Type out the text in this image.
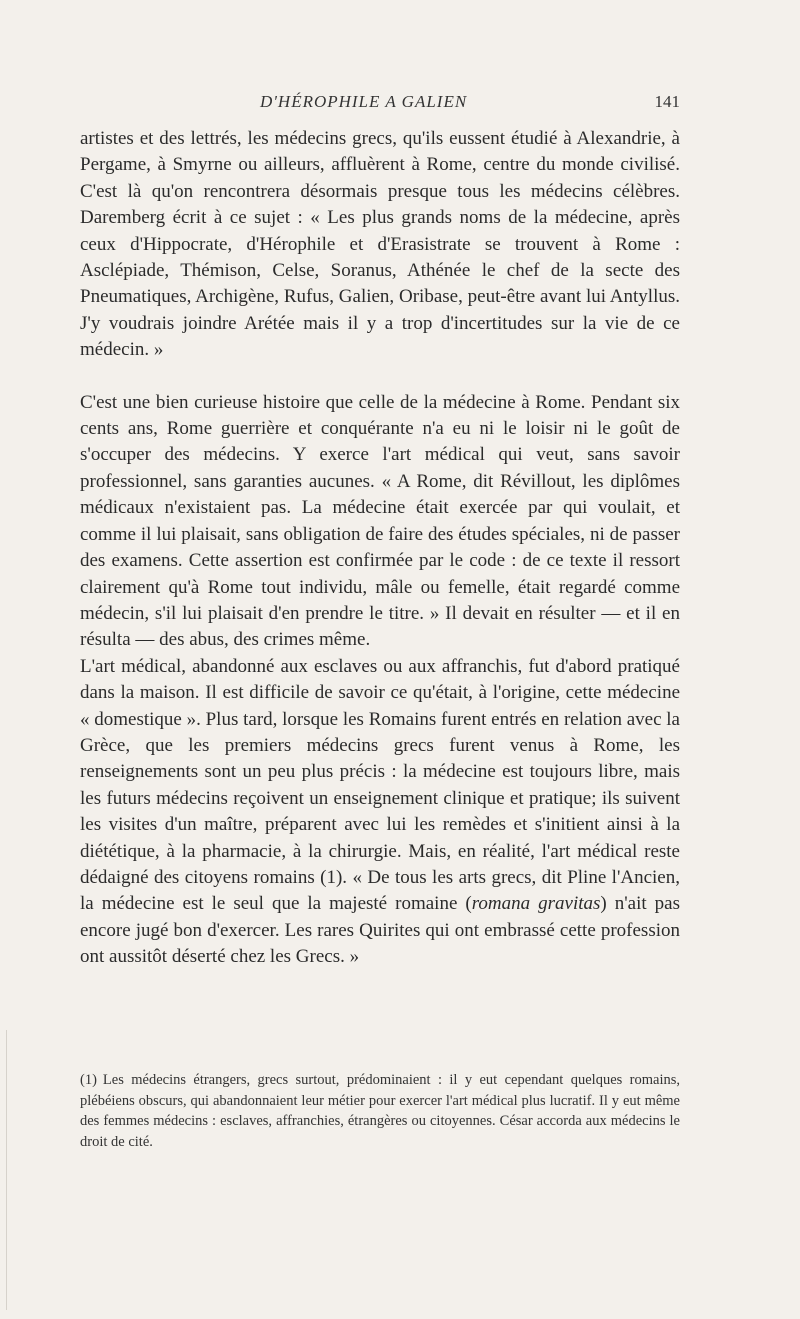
D'HÉROPHILE A GALIEN	141

artistes et des lettrés, les médecins grecs, qu'ils eussent étudié à Alexandrie, à Pergame, à Smyrne ou ailleurs, affluèrent à Rome, centre du monde civilisé. C'est là qu'on rencontrera désormais presque tous les médecins célèbres. Daremberg écrit à ce sujet : « Les plus grands noms de la médecine, après ceux d'Hippocrate, d'Hérophile et d'Erasistrate se trouvent à Rome : Asclépiade, Thémison, Celse, Soranus, Athénée le chef de la secte des Pneumatiques, Archigène, Rufus, Galien, Oribase, peut-être avant lui Antyllus. J'y voudrais joindre Arétée mais il y a trop d'incertitudes sur la vie de ce médecin. »

C'est une bien curieuse histoire que celle de la médecine à Rome. Pendant six cents ans, Rome guerrière et conquérante n'a eu ni le loisir ni le goût de s'occuper des médecins. Y exerce l'art médical qui veut, sans savoir professionnel, sans garanties aucunes. « A Rome, dit Révillout, les diplômes médicaux n'existaient pas. La médecine était exercée par qui voulait, et comme il lui plaisait, sans obligation de faire des études spéciales, ni de passer des examens. Cette assertion est confirmée par le code : de ce texte il ressort clairement qu'à Rome tout individu, mâle ou femelle, était regardé comme médecin, s'il lui plaisait d'en prendre le titre. » Il devait en résulter — et il en résulta — des abus, des crimes même.

L'art médical, abandonné aux esclaves ou aux affranchis, fut d'abord pratiqué dans la maison. Il est difficile de savoir ce qu'était, à l'origine, cette médecine « domestique ». Plus tard, lorsque les Romains furent entrés en relation avec la Grèce, que les premiers médecins grecs furent venus à Rome, les renseignements sont un peu plus précis : la médecine est toujours libre, mais les futurs médecins reçoivent un enseignement clinique et pratique; ils suivent les visites d'un maître, préparent avec lui les remèdes et s'initient ainsi à la diététique, à la pharmacie, à la chirurgie. Mais, en réalité, l'art médical reste dédaigné des citoyens romains (1). « De tous les arts grecs, dit Pline l'Ancien, la médecine est le seul que la majesté romaine (romana gravitas) n'ait pas encore jugé bon d'exercer. Les rares Quirites qui ont embrassé cette profession ont aussitôt déserté chez les Grecs. »

(1) Les médecins étrangers, grecs surtout, prédominaient : il y eut cependant quelques romains, plébéiens obscurs, qui abandonnaient leur métier pour exercer l'art médical plus lucratif. Il y eut même des femmes médecins : esclaves, affranchies, étrangères ou citoyennes. César accorda aux médecins le droit de cité.
